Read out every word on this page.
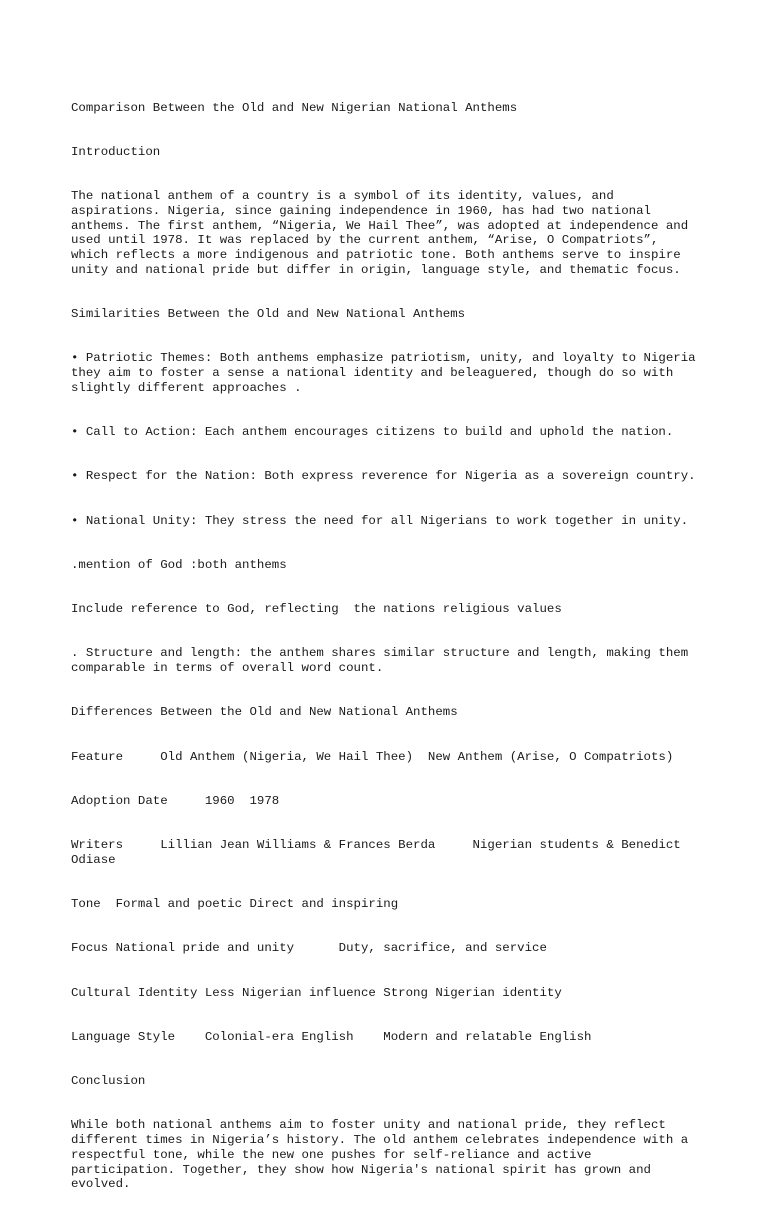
Comparison Between the Old and New Nigerian National Anthems

Introduction

The national anthem of a country is a symbol of its identity, values, and aspirations. Nigeria, since gaining independence in 1960, has had two national anthems. The first anthem, “Nigeria, We Hail Thee”, was adopted at independence and used until 1978. It was replaced by the current anthem, “Arise, O Compatriots”, which reflects a more indigenous and patriotic tone. Both anthems serve to inspire unity and national pride but differ in origin, language style, and thematic focus.

Similarities Between the Old and New National Anthems

• Patriotic Themes: Both anthems emphasize patriotism, unity, and loyalty to Nigeria they aim to foster a sense a national identity and beleaguered, though do so with slightly different approaches .

• Call to Action: Each anthem encourages citizens to build and uphold the nation.

• Respect for the Nation: Both express reverence for Nigeria as a sovereign country.

• National Unity: They stress the need for all Nigerians to work together in unity.

.mention of God :both anthems

Include reference to God, reflecting  the nations religious values

. Structure and length: the anthem shares similar structure and length, making them comparable in terms of overall word count.

Differences Between the Old and New National Anthems

Feature     Old Anthem (Nigeria, We Hail Thee)  New Anthem (Arise, O Compatriots)

Adoption Date     1960  1978

Writers     Lillian Jean Williams & Frances Berda     Nigerian students & Benedict Odiase

Tone  Formal and poetic Direct and inspiring

Focus National pride and unity      Duty, sacrifice, and service

Cultural Identity Less Nigerian influence Strong Nigerian identity

Language Style    Colonial-era English    Modern and relatable English

Conclusion

While both national anthems aim to foster unity and national pride, they reflect different times in Nigeria’s history. The old anthem celebrates independence with a respectful tone, while the new one pushes for self-reliance and active participation. Together, they show how Nigeria's national spirit has grown and evolved.
